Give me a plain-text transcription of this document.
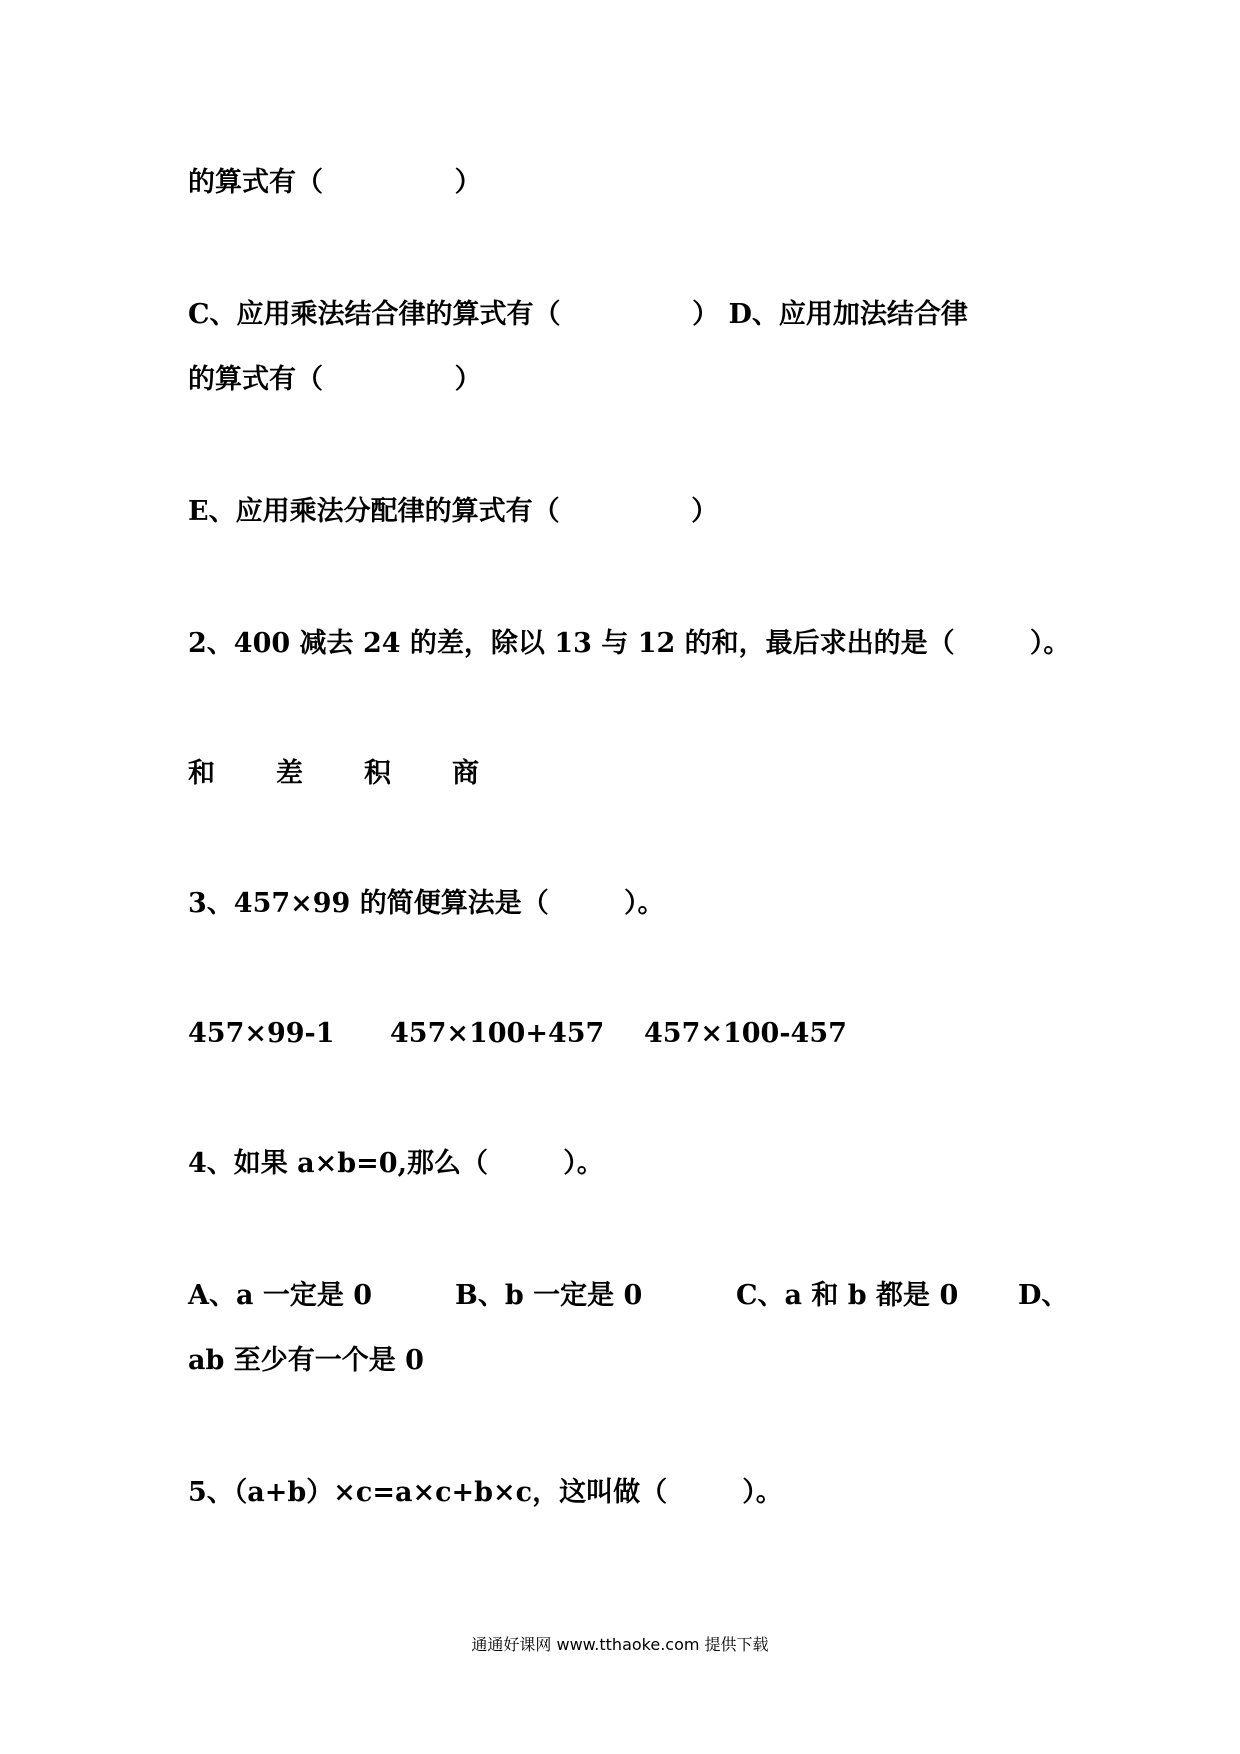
的算式有（              ）
C、应用乘法结合律的算式有（              ） D、应用加法结合律
的算式有（              ）
E、应用乘法分配律的算式有（              ）
2、400 减去 24 的差，除以 13 与 12 的和，最后求出的是（        ）。

和

差

积

商

3、457×99 的简便算法是（        ）。

457×99-1

457×100+457

457×100-457

4、如果 a×b=0,那么（        ）。

A、a 一定是 0

	B、b 一定是 0

	C、a 和 b 都是 0

D、

ab 至少有一个是 0
5、（a+b）×c=a×c+b×c，这叫做（        ）。
通通好课网 www.tthaoke.com 提供下载
